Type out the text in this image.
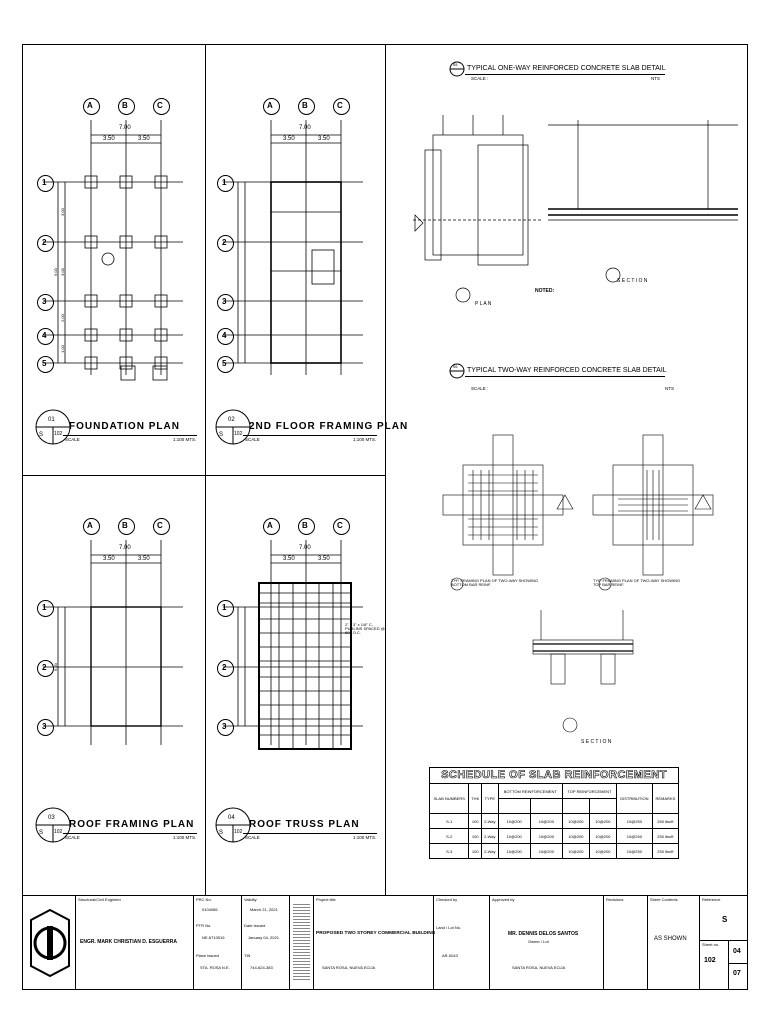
A	B	C
7.00
3.50	3.50
1
2
3
4
5
3.00
9.00 3.00
2.00
1.00
A	B	C
7.00
3.50	3.50
1
2
3
4
5
A	B	C
7.00
3.50	3.50
1
2
3
6.00
A	B	C
7.00
3.50	3.50
1
2
3
2" x 3" x 1/8" C-PURLINS SPACED @ 600 O.C.
01
S 102
FOUNDATION PLAN
SCALE	1:100 MTS.
02
S 102
2ND FLOOR FRAMING PLAN
SCALE	1:100 MTS.
03
S 102
ROOF FRAMING PLAN
SCALE	1:100 MTS.
04
S 102
ROOF TRUSS PLAN
SCALE	1:100 MTS.
05
TYPICAL ONE-WAY REINFORCED CONCRETE SLAB DETAIL
SCALE :	NTS
P L A N
NOTED:
S E C T I O N
06
TYPICAL TWO-WAY REINFORCED CONCRETE SLAB DETAIL
SCALE :	NTS
TYP. FRAMING PLAN OF TWO-WAY SHOWING BOTTOM BAR REINF.
TYP. FRAMING PLAN OF TWO-WAY SHOWING TOP BAR REINF.
S E C T I O N
SCHEDULE OF SLAB REINFORCEMENT
SLAB NUMBERS	THK	TYPE	BOTTOM REINFORCEMENT		TOP REINFORCEMENT		DISTRIBUTION	REMARKS

S-1	100	2-Way	10@200	10@200	10@200	10@200	10@250	250 lbs/ft
S-2	100	2-Way	10@200	10@200	10@200	10@200	10@250	250 lbs/ft
S-3	100	2-Way	10@200	10@200	10@200	10@200	10@250	250 lbs/ft
Structural/Civil Engineer
ENGR. MARK CHRISTIAN D. ESGUERRA
PRC No.
0104085
PTR No.
NE-6710519
Place Issued
STA. ROSA N.E.
Validity
March 21, 2021
Date Issued
January 04, 2021
TIN
744-624-383
Project title
PROPOSED TWO STOREY COMMERCIAL BUILDING
SANTA ROSA, NUEVA ECIJA
Checked by
Land / Lot No.
AR-0043
Approved by
MR. DENNIS DELOS SANTOS
Owner / Lot
SANTA ROSA, NUEVA ECIJA
Revisions	Sheet Contents
AS SHOWN
Reference
S
Sheet no.
102
04
07
